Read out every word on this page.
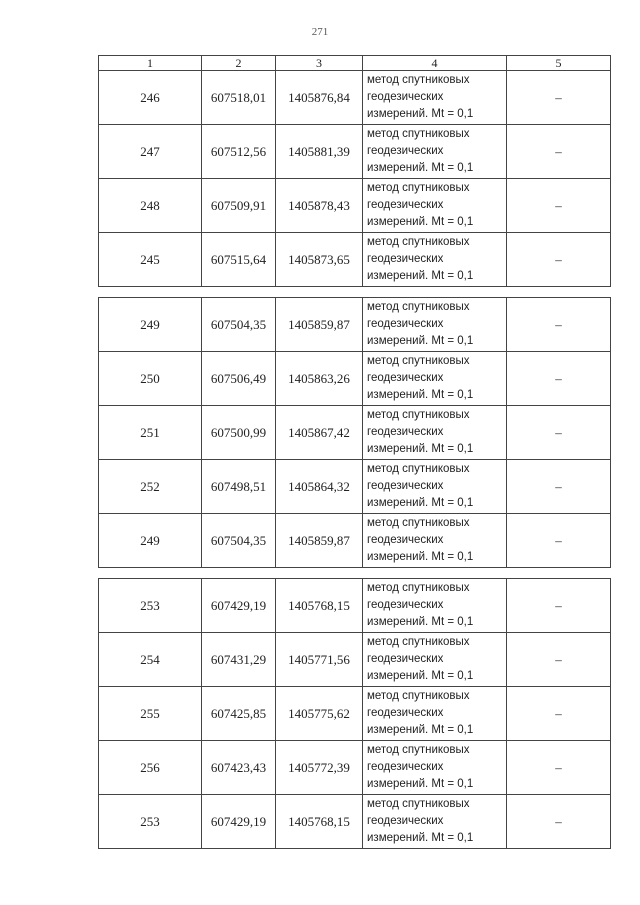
271
1	2	3	4	5
246	607518,01	1405876,84	метод спутниковых
геодезических
измерений. Mt = 0,1	–
247	607512,56	1405881,39	метод спутниковых
геодезических
измерений. Mt = 0,1	–
248	607509,91	1405878,43	метод спутниковых
геодезических
измерений. Mt = 0,1	–
245	607515,64	1405873,65	метод спутниковых
геодезических
измерений. Mt = 0,1	–

249	607504,35	1405859,87	метод спутниковых
геодезических
измерений. Mt = 0,1	–
250	607506,49	1405863,26	метод спутниковых
геодезических
измерений. Mt = 0,1	–
251	607500,99	1405867,42	метод спутниковых
геодезических
измерений. Mt = 0,1	–
252	607498,51	1405864,32	метод спутниковых
геодезических
измерений. Mt = 0,1	–
249	607504,35	1405859,87	метод спутниковых
геодезических
измерений. Mt = 0,1	–

253	607429,19	1405768,15	метод спутниковых
геодезических
измерений. Mt = 0,1	–
254	607431,29	1405771,56	метод спутниковых
геодезических
измерений. Mt = 0,1	–
255	607425,85	1405775,62	метод спутниковых
геодезических
измерений. Mt = 0,1	–
256	607423,43	1405772,39	метод спутниковых
геодезических
измерений. Mt = 0,1	–
253	607429,19	1405768,15	метод спутниковых
геодезических
измерений. Mt = 0,1	–
